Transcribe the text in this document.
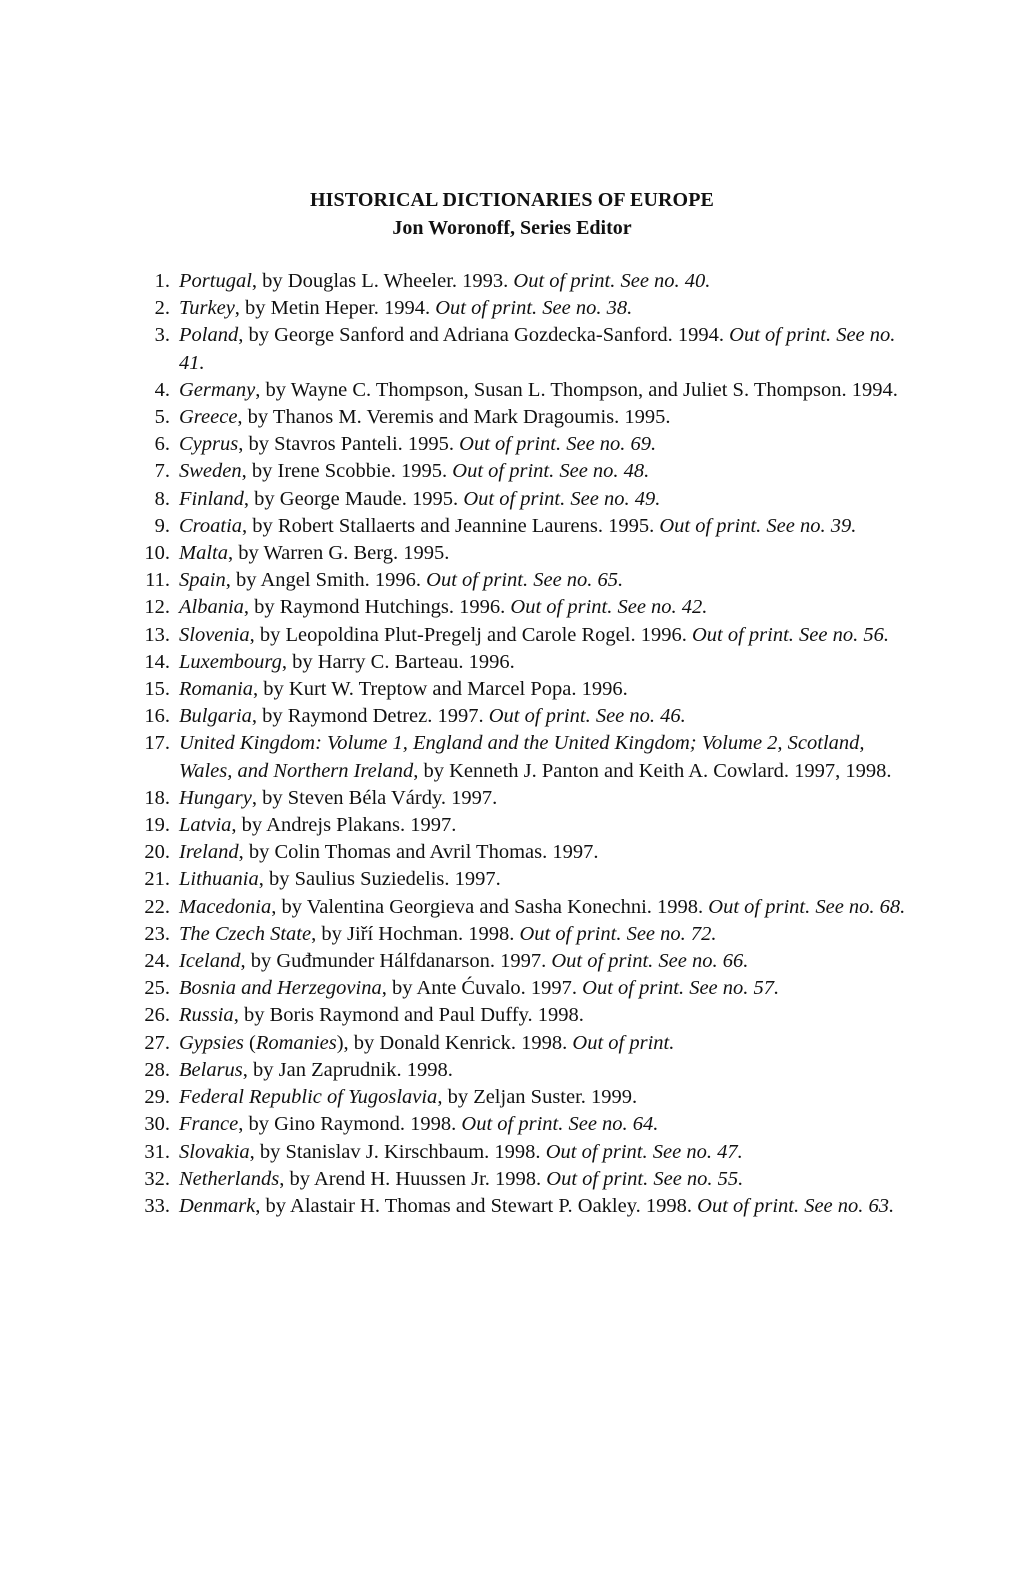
HISTORICAL DICTIONARIES OF EUROPE
Jon Woronoff, Series Editor
1. Portugal, by Douglas L. Wheeler. 1993. Out of print. See no. 40.
2. Turkey, by Metin Heper. 1994. Out of print. See no. 38.
3. Poland, by George Sanford and Adriana Gozdecka-Sanford. 1994. Out of print. See no. 41.
4. Germany, by Wayne C. Thompson, Susan L. Thompson, and Juliet S. Thompson. 1994.
5. Greece, by Thanos M. Veremis and Mark Dragoumis. 1995.
6. Cyprus, by Stavros Panteli. 1995. Out of print. See no. 69.
7. Sweden, by Irene Scobbie. 1995. Out of print. See no. 48.
8. Finland, by George Maude. 1995. Out of print. See no. 49.
9. Croatia, by Robert Stallaerts and Jeannine Laurens. 1995. Out of print. See no. 39.
10. Malta, by Warren G. Berg. 1995.
11. Spain, by Angel Smith. 1996. Out of print. See no. 65.
12. Albania, by Raymond Hutchings. 1996. Out of print. See no. 42.
13. Slovenia, by Leopoldina Plut-Pregelj and Carole Rogel. 1996. Out of print. See no. 56.
14. Luxembourg, by Harry C. Barteau. 1996.
15. Romania, by Kurt W. Treptow and Marcel Popa. 1996.
16. Bulgaria, by Raymond Detrez. 1997. Out of print. See no. 46.
17. United Kingdom: Volume 1, England and the United Kingdom; Volume 2, Scotland, Wales, and Northern Ireland, by Kenneth J. Panton and Keith A. Cowlard. 1997, 1998.
18. Hungary, by Steven Béla Várdy. 1997.
19. Latvia, by Andrejs Plakans. 1997.
20. Ireland, by Colin Thomas and Avril Thomas. 1997.
21. Lithuania, by Saulius Suziedelis. 1997.
22. Macedonia, by Valentina Georgieva and Sasha Konechni. 1998. Out of print. See no. 68.
23. The Czech State, by Jiří Hochman. 1998. Out of print. See no. 72.
24. Iceland, by Guđmunder Hálfdanarson. 1997. Out of print. See no. 66.
25. Bosnia and Herzegovina, by Ante Ćuvalo. 1997. Out of print. See no. 57.
26. Russia, by Boris Raymond and Paul Duffy. 1998.
27. Gypsies (Romanies), by Donald Kenrick. 1998. Out of print.
28. Belarus, by Jan Zaprudnik. 1998.
29. Federal Republic of Yugoslavia, by Zeljan Suster. 1999.
30. France, by Gino Raymond. 1998. Out of print. See no. 64.
31. Slovakia, by Stanislav J. Kirschbaum. 1998. Out of print. See no. 47.
32. Netherlands, by Arend H. Huussen Jr. 1998. Out of print. See no. 55.
33. Denmark, by Alastair H. Thomas and Stewart P. Oakley. 1998. Out of print. See no. 63.
